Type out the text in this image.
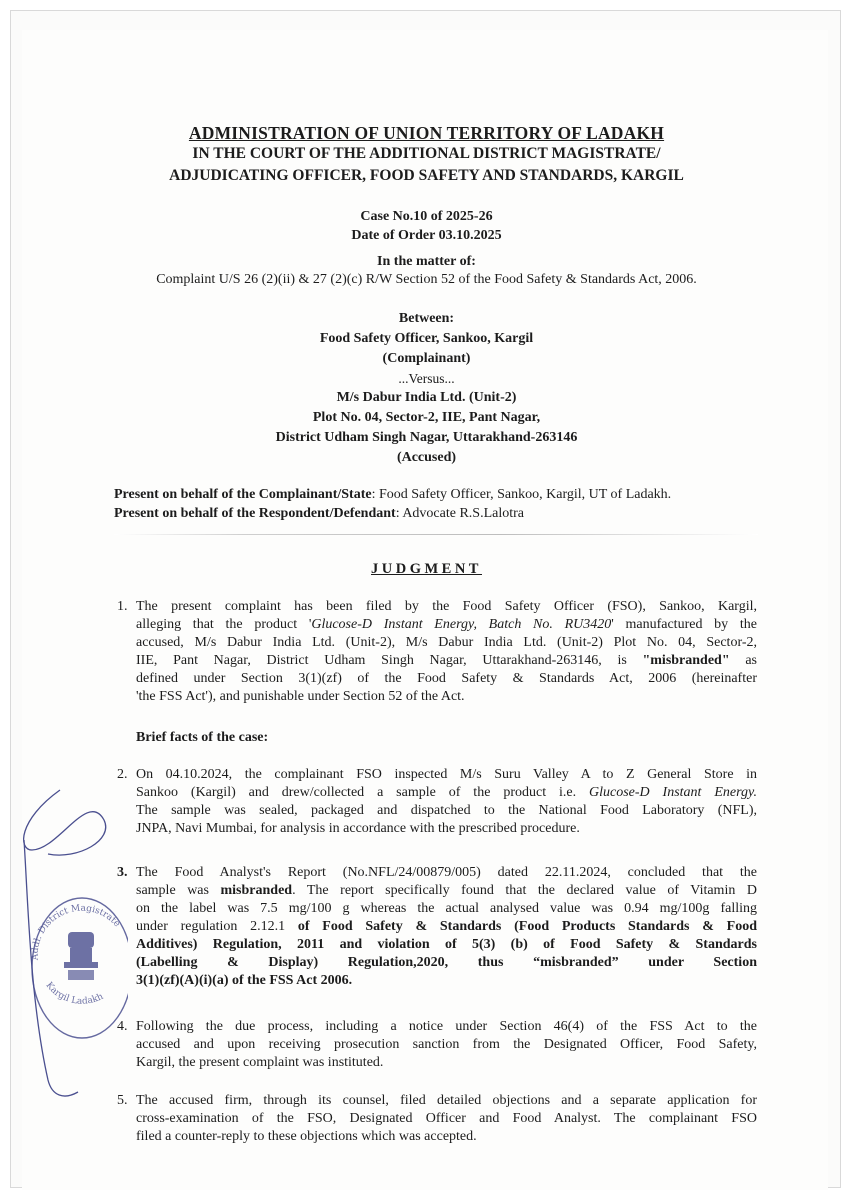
ADMINISTRATION OF UNION TERRITORY OF LADAKH
IN THE COURT OF THE ADDITIONAL DISTRICT MAGISTRATE/
ADJUDICATING OFFICER, FOOD SAFETY AND STANDARDS, KARGIL
Case No.10 of 2025-26
Date of Order 03.10.2025
In the matter of:
Complaint U/S 26 (2)(ii) & 27 (2)(c) R/W Section 52 of the Food Safety & Standards Act, 2006.
Between:
Food Safety Officer, Sankoo, Kargil
(Complainant)
...Versus...
M/s Dabur India Ltd. (Unit-2)
Plot No. 04, Sector-2, IIE, Pant Nagar,
District Udham Singh Nagar, Uttarakhand-263146
(Accused)
Present on behalf of the Complainant/State: Food Safety Officer, Sankoo, Kargil, UT of Ladakh.
Present on behalf of the Respondent/Defendant: Advocate R.S.Lalotra
JUDGMENT
1. The present complaint has been filed by the Food Safety Officer (FSO), Sankoo, Kargil,

alleging that the product 'Glucose-D Instant Energy, Batch No. RU3420' manufactured by the

accused, M/s Dabur India Ltd. (Unit-2), M/s Dabur India Ltd. (Unit-2) Plot No. 04, Sector-2,

IIE, Pant Nagar, District Udham Singh Nagar, Uttarakhand-263146, is "misbranded" as

defined under Section 3(1)(zf) of the Food Safety & Standards Act, 2006 (hereinafter

'the FSS Act'), and punishable under Section 52 of the Act.

Brief facts of the case:
2. On 04.10.2024, the complainant FSO inspected M/s Suru Valley A to Z General Store in

Sankoo (Kargil) and drew/collected a sample of the product i.e. Glucose-D Instant Energy.

The sample was sealed, packaged and dispatched to the National Food Laboratory (NFL),

JNPA, Navi Mumbai, for analysis in accordance with the prescribed procedure.

3. The Food Analyst's Report (No.NFL/24/00879/005) dated 22.11.2024, concluded that the

sample was misbranded. The report specifically found that the declared value of Vitamin D

on the label was 7.5 mg/100 g whereas the actual analysed value was 0.94 mg/100g falling

under regulation 2.12.1 of Food Safety & Standards (Food Products Standards & Food

Additives) Regulation, 2011 and violation of 5(3) (b) of Food Safety & Standards

(Labelling & Display) Regulation,2020, thus “misbranded” under Section

3(1)(zf)(A)(i)(a) of the FSS Act 2006.

4. Following the due process, including a notice under Section 46(4) of the FSS Act to the

accused and upon receiving prosecution sanction from the Designated Officer, Food Safety,

Kargil, the present complaint was instituted.

5. The accused firm, through its counsel, filed detailed objections and a separate application for

cross-examination of the FSO, Designated Officer and Food Analyst. The complainant FSO

filed a counter-reply to these objections which was accepted.

Addl. District Magistrate
Kargil Ladakh
